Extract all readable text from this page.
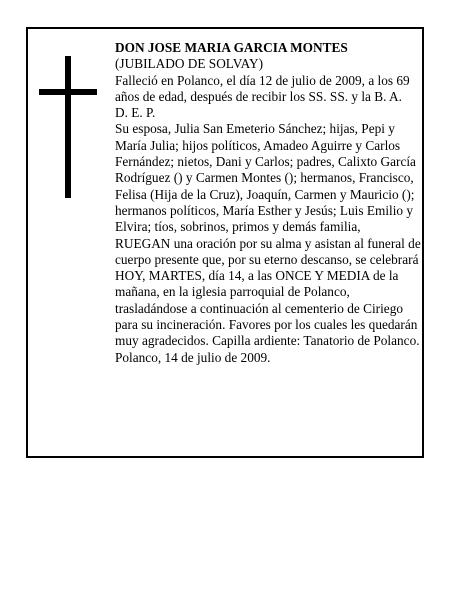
DON JOSE MARIA GARCIA MONTES

(JUBILADO DE SOLVAY)

Falleció en Polanco, el día 12 de julio de 2009, a los 69 años de edad, después de recibir los SS. SS. y la B. A.

D. E. P.

Su esposa, Julia San Emeterio Sánchez; hijas, Pepi y María Julia; hijos políticos, Amadeo Aguirre y Carlos Fernández; nietos, Dani y Carlos; padres, Calixto García Rodríguez () y Carmen Montes (); hermanos, Francisco, Felisa (Hija de la Cruz), Joaquín, Carmen y Mauricio (); hermanos políticos, María Esther y Jesús; Luis Emilio y Elvira; tíos, sobrinos, primos y demás familia,

RUEGAN una oración por su alma y asistan al funeral de cuerpo presente que, por su eterno descanso, se celebrará HOY, MARTES, día 14, a las ONCE Y MEDIA de la mañana, en la iglesia parroquial de Polanco, trasladándose a continuación al cementerio de Ciriego para su incineración. Favores por los cuales les quedarán muy agradecidos. Capilla ardiente: Tanatorio de Polanco.

Polanco, 14 de julio de 2009.
